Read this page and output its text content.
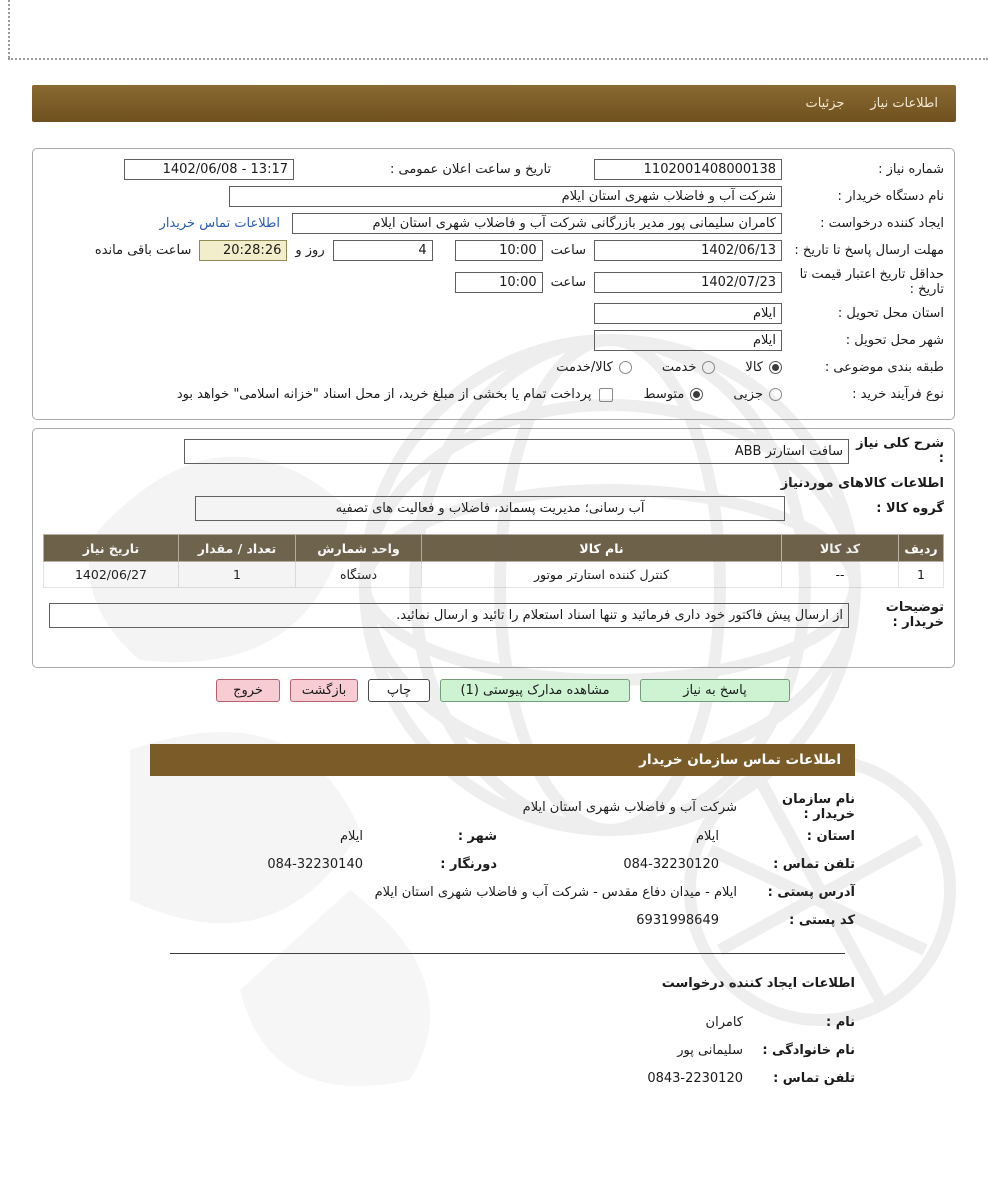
اطلاعات نیاز
جزئیات
شماره نیاز :
1102001408000138
تاریخ و ساعت اعلان عمومی :
1402/06/08 - 13:17
نام دستگاه خریدار :
شرکت آب و فاضلاب شهری استان ایلام
ایجاد کننده درخواست :
کامران سلیمانی پور مدیر بازرگانی شرکت آب و فاضلاب شهری استان ایلام
اطلاعات تماس خریدار
مهلت ارسال پاسخ تا تاریخ :
1402/06/13
ساعت
10:00
4
روز و
20:28:26
ساعت باقی مانده
حداقل تاریخ اعتبار قیمت تا تاریخ :
1402/07/23
ساعت
10:00
استان محل تحویل :
ایلام
شهر محل تحویل :
ایلام
طبقه بندی موضوعی :
کالا
خدمت
کالا/خدمت
نوع فرآیند خرید :
جزیی
متوسط
پرداخت تمام یا بخشی از مبلغ خرید، از محل اسناد "خزانه اسلامی" خواهد بود
شرح کلی نیاز :
سافت استارتر ABB
اطلاعات کالاهای موردنیاز
گروه کالا :
آب رسانی؛ مدیریت پسماند، فاضلاب و فعالیت های تصفیه
ردیف	کد کالا	نام کالا	واحد شمارش	تعداد / مقدار	تاریخ نیاز
1	--	کنترل کننده استارتر موتور	دستگاه	1	1402/06/27
توضیحات خریدار :
از ارسال پیش فاکتور خود داری فرمائید و تنها اسناد استعلام را تائید و ارسال نمائید.
پاسخ به نیاز
مشاهده مدارک پیوستی (1)
چاپ
بازگشت
خروج
اطلاعات تماس سازمان خریدار
نام سازمان خریدار :
شرکت آب و فاضلاب شهری استان ایلام
استان :
ایلام
شهر :
ایلام
تلفن تماس :
084-32230120
دورنگار :
084-32230140
آدرس پستی :
ایلام - میدان دفاع مقدس - شرکت آب و فاضلاب شهری استان ایلام
کد پستی :
6931998649
اطلاعات ایجاد کننده درخواست
نام :
کامران
نام خانوادگی :
سلیمانی پور
تلفن تماس :
0843-2230120
